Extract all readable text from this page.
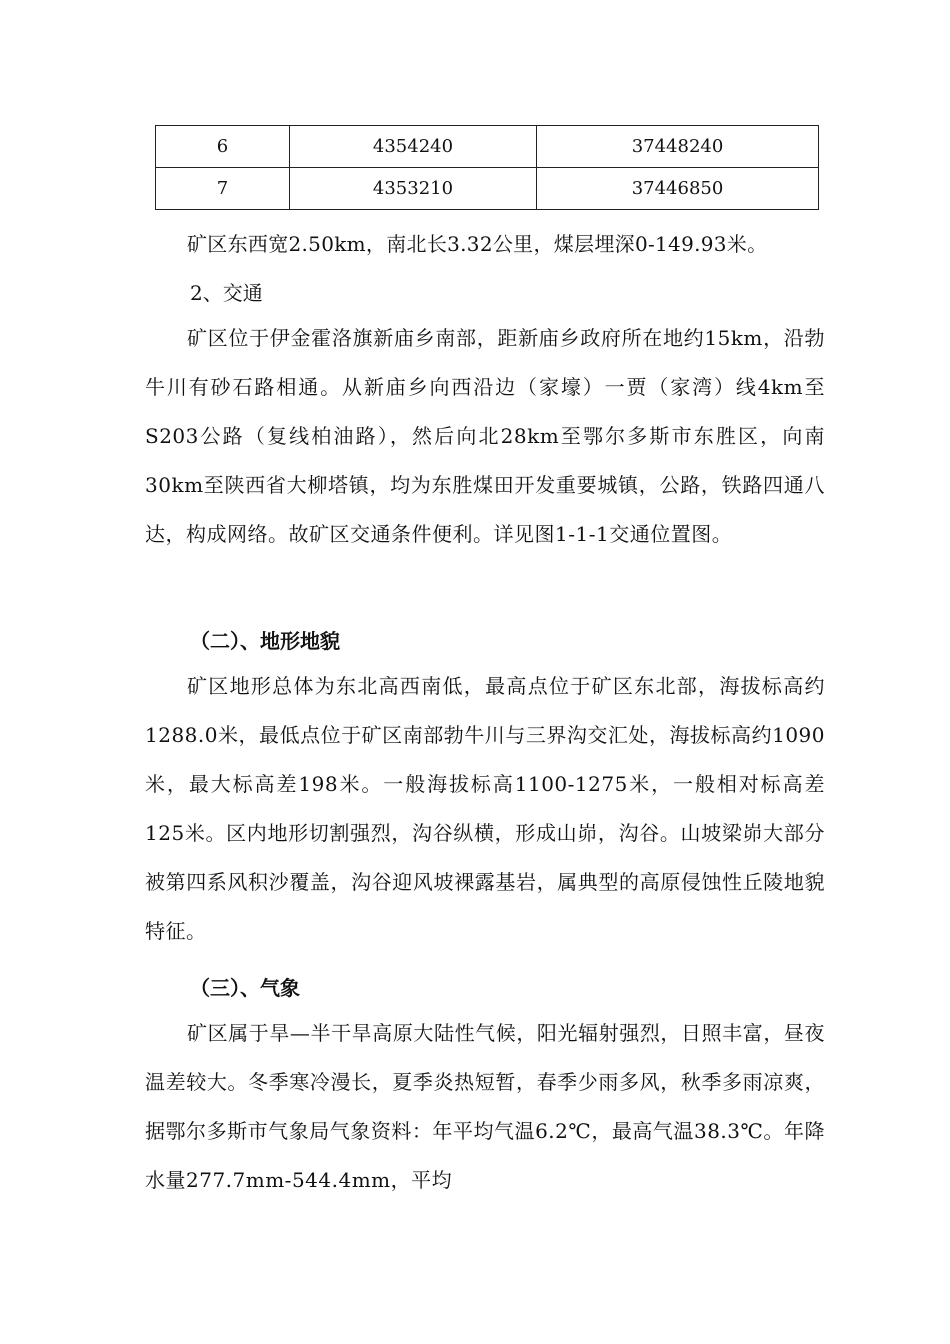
6	4354240	37448240
7	4353210	37446850
矿区东西宽2.50km，南北长3.32公里，煤层埋深0-149.93米。
2、交通
矿区位于伊金霍洛旗新庙乡南部，距新庙乡政府所在地约15km，沿勃牛川有砂石路相通。从新庙乡向西沿边（家壕）一贾（家湾）线4km至S203公路（复线柏油路），然后向北28km至鄂尔多斯市东胜区，向南30km至陕西省大柳塔镇，均为东胜煤田开发重要城镇，公路，铁路四通八达，构成网络。故矿区交通条件便利。详见图1-1-1交通位置图。
（二）、地形地貌
矿区地形总体为东北高西南低，最高点位于矿区东北部，海拔标高约1288.0米，最低点位于矿区南部勃牛川与三界沟交汇处，海拔标高约1090米，最大标高差198米。一般海拔标高1100-1275米，一般相对标高差125米。区内地形切割强烈，沟谷纵横，形成山峁，沟谷。山坡梁峁大部分被第四系风积沙覆盖，沟谷迎风坡裸露基岩，属典型的高原侵蚀性丘陵地貌特征。
（三）、气象
矿区属于旱—半干旱高原大陆性气候，阳光辐射强烈，日照丰富，昼夜温差较大。冬季寒冷漫长，夏季炎热短暂，春季少雨多风，秋季多雨凉爽，据鄂尔多斯市气象局气象资料：年平均气温6.2℃，最高气温38.3℃。年降水量277.7mm-544.4mm，平均
